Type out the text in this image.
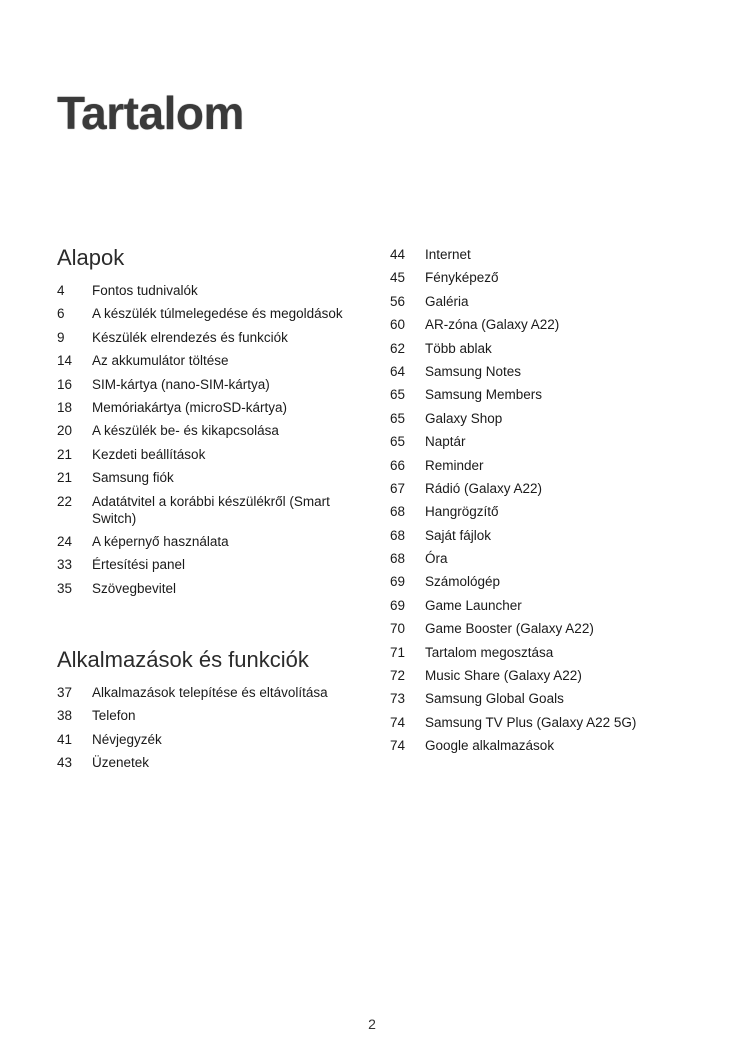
Tartalom
Alapok
4 Fontos tudnivalók
6 A készülék túlmelegedése és megoldások
9 Készülék elrendezés és funkciók
14 Az akkumulátor töltése
16 SIM-kártya (nano-SIM-kártya)
18 Memóriakártya (microSD-kártya)
20 A készülék be- és kikapcsolása
21 Kezdeti beállítások
21 Samsung fiók
22 Adatátvitel a korábbi készülékről (Smart Switch)
24 A képernyő használata
33 Értesítési panel
35 Szövegbevitel
Alkalmazások és funkciók
37 Alkalmazások telepítése és eltávolítása
38 Telefon
41 Névjegyzék
43 Üzenetek
44 Internet
45 Fényképező
56 Galéria
60 AR-zóna (Galaxy A22)
62 Több ablak
64 Samsung Notes
65 Samsung Members
65 Galaxy Shop
65 Naptár
66 Reminder
67 Rádió (Galaxy A22)
68 Hangrögzítő
68 Saját fájlok
68 Óra
69 Számológép
69 Game Launcher
70 Game Booster (Galaxy A22)
71 Tartalom megosztása
72 Music Share (Galaxy A22)
73 Samsung Global Goals
74 Samsung TV Plus (Galaxy A22 5G)
74 Google alkalmazások
2
